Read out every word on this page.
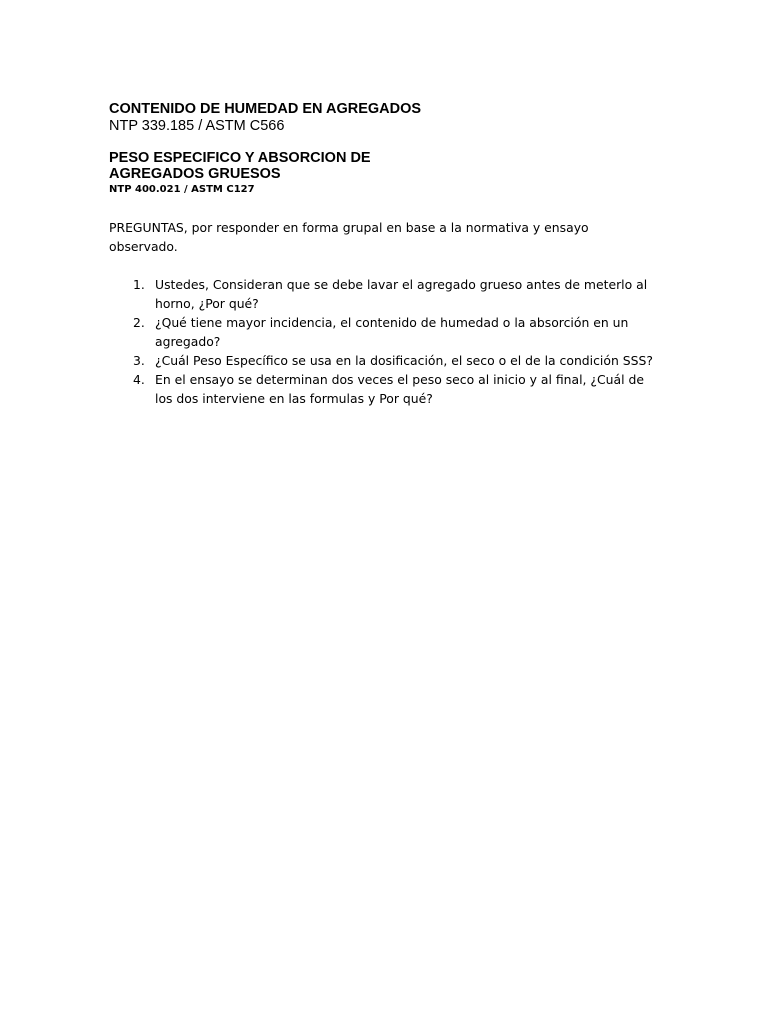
CONTENIDO DE HUMEDAD EN AGREGADOS
NTP 339.185 / ASTM C566
PESO ESPECIFICO Y ABSORCION DE
AGREGADOS GRUESOS
NTP 400.021 / ASTM C127
PREGUNTAS, por responder en forma grupal en base a la normativa y ensayo
observado.
1. Ustedes, Consideran que se debe lavar el agregado grueso antes de meterlo al
horno, ¿Por qué?
2. ¿Qué tiene mayor incidencia, el contenido de humedad o la absorción en un
agregado?
3. ¿Cuál Peso Específico se usa en la dosificación, el seco o el de la condición SSS?
4. En el ensayo se determinan dos veces el peso seco al inicio y al final, ¿Cuál de
los dos interviene en las formulas y Por qué?
